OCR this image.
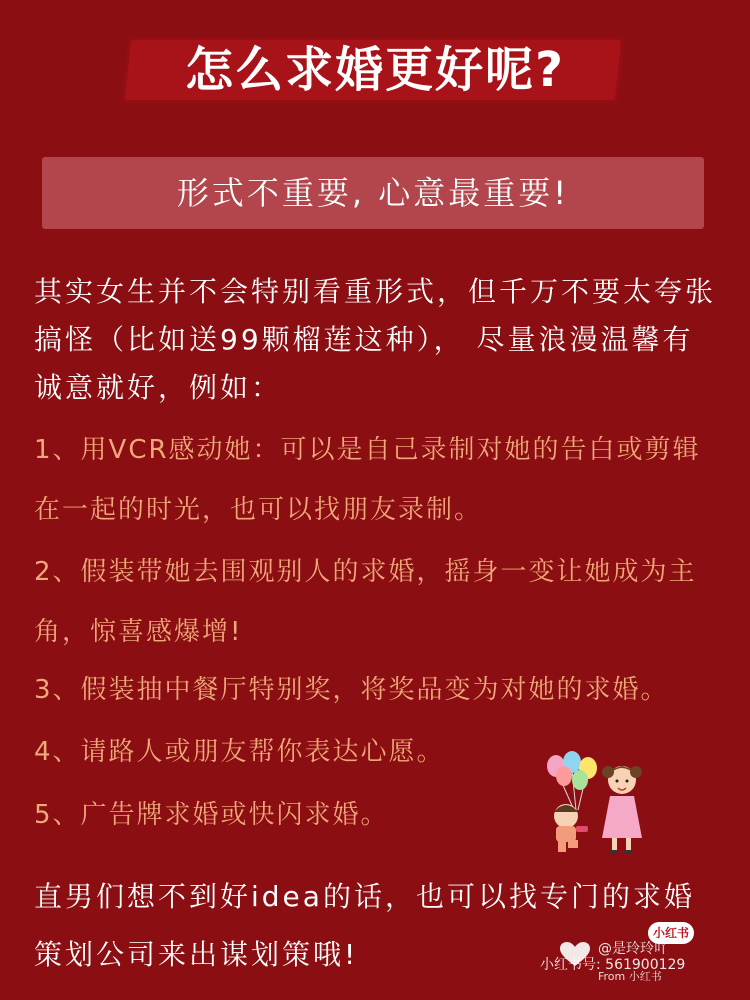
怎么求婚更好呢?
形式不重要, 心意最重要!
其实女生并不会特别看重形式，但千万不要太夸张搞怪（比如送99颗榴莲这种）， 尽量浪漫温馨有诚意就好，例如：
1、用VCR感动她：可以是自己录制对她的告白或剪辑在一起的时光，也可以找朋友录制。
2、假装带她去围观别人的求婚，摇身一变让她成为主角，惊喜感爆增!
3、假装抽中餐厅特别奖，将奖品变为对她的求婚。
4、请路人或朋友帮你表达心愿。
5、广告牌求婚或快闪求婚。
直男们想不到好idea的话，也可以找专门的求婚策划公司来出谋划策哦!
小红书
@是玲玲吖
小红书号: 561900129
From 小红书
